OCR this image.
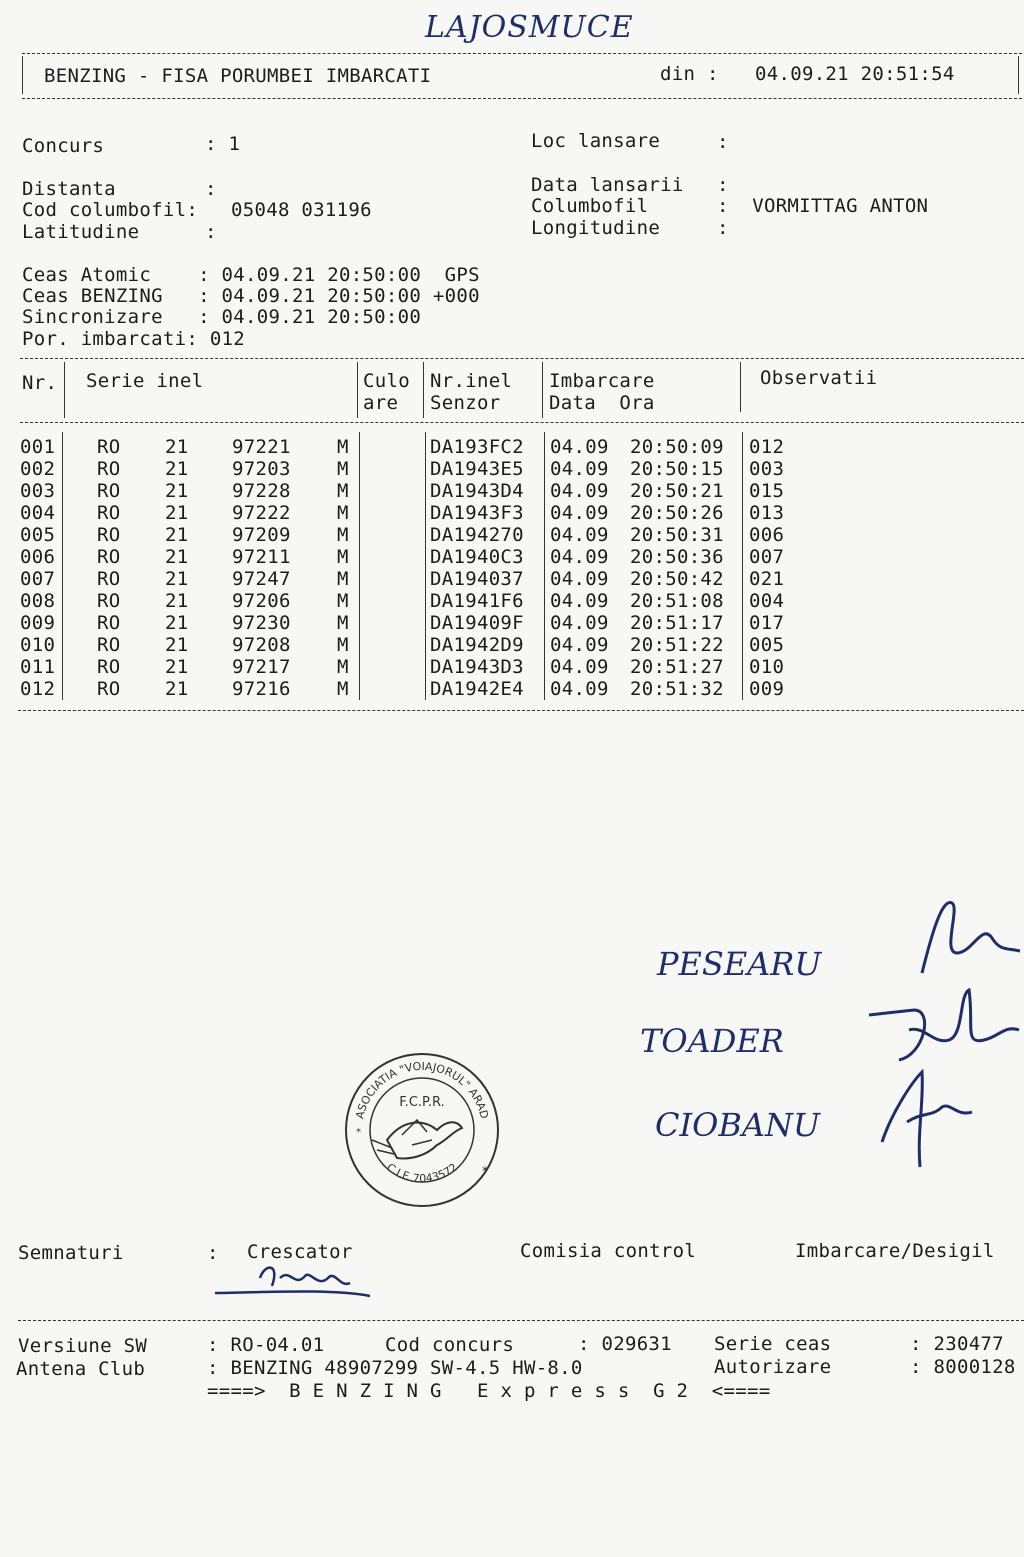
LAJOSMUCE
BENZING - FISA PORUMBEI IMBARCATI	din : 04.09.21 20:51:54
Concurs	: 1	Loc lansare	:
Distanta	:	Data lansarii :
Cod columbofil: 05048 031196	Columbofil	:  VORMITTAG ANTON
Latitudine	:	Longitudine	:
Ceas Atomic    : 04.09.21 20:50:00  GPS
Ceas BENZING   : 04.09.21 20:50:00 +000
Sincronizare   : 04.09.21 20:50:00
Por. imbarcati: 012
Nr. Serie inel	Culo
are
Nr.inel
Senzor
Imbarcare
Data  Ora
Observatii
001 RO 21 97221 M	DA193FC2 04.09 20:50:09 012
002 RO 21 97203 M	DA1943E5 04.09 20:50:15 003
003 RO 21 97228 M	DA1943D4 04.09 20:50:21 015
004 RO 21 97222 M	DA1943F3 04.09 20:50:26 013
005 RO 21 97209 M	DA194270 04.09 20:50:31 006
006 RO 21 97211 M	DA1940C3 04.09 20:50:36 007
007 RO 21 97247 M	DA194037 04.09 20:50:42 021
008 RO 21 97206 M	DA1941F6 04.09 20:51:08 004
009 RO 21 97230 M	DA19409F 04.09 20:51:17 017
010 RO 21 97208 M	DA1942D9 04.09 20:51:22 005
011 RO 21 97217 M	DA1943D3 04.09 20:51:27 010
012 RO 21 97216 M	DA1942E4 04.09 20:51:32 009
PESEARU
TOADER
CIOBANU
ASOCIATIA "VOIAJORUL" ARAD
C.I.F. 7043572
F.C.P.R.
*
*
Semnaturi	: Crescator	Comisia control	Imbarcare/Desigil
Versiune SW	: RO-04.01	Cod concurs	: 029631 Serie ceas	: 230477
Antena Club	: BENZING 48907299 SW-4.5 HW-8.0	Autorizare	: 8000128
====>  B E N Z I N G   E x p r e s s  G 2  <====
